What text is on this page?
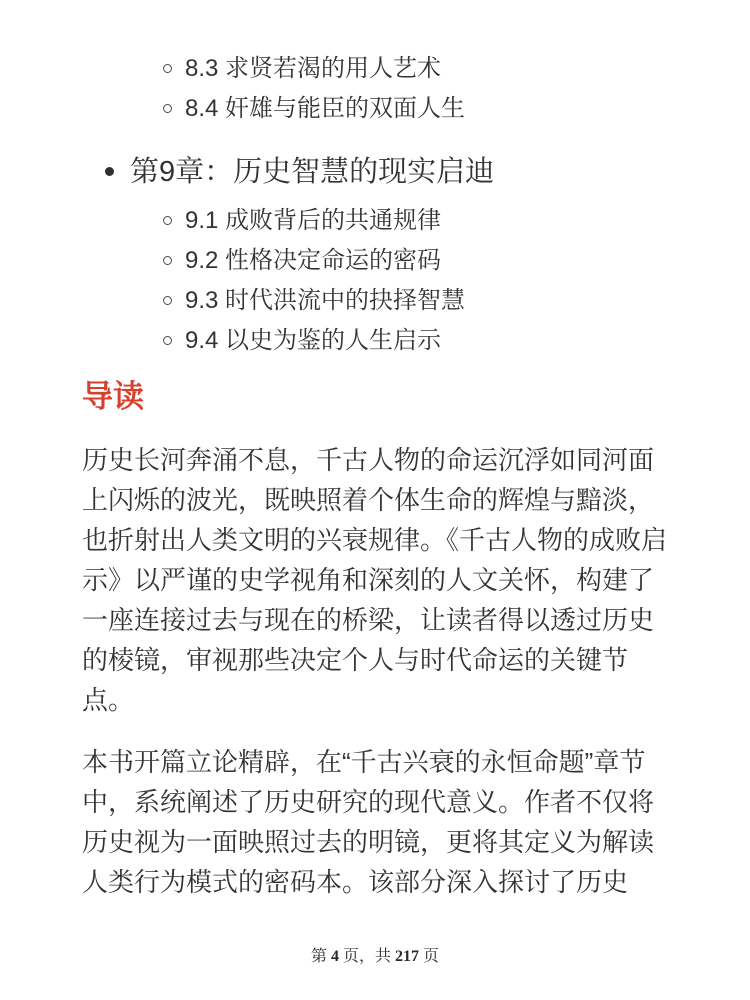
8.3 求贤若渴的用人艺术
8.4 奸雄与能臣的双面人生
第9章：历史智慧的现实启迪
9.1 成败背后的共通规律
9.2 性格决定命运的密码
9.3 时代洪流中的抉择智慧
9.4 以史为鉴的人生启示
导读

历史长河奔涌不息，千古人物的命运沉浮如同河面上闪烁的波光，既映照着个体生命的辉煌与黯淡，也折射出人类文明的兴衰规律。《千古人物的成败启示》以严谨的史学视角和深刻的人文关怀，构建了一座连接过去与现在的桥梁，让读者得以透过历史的棱镜，审视那些决定个人与时代命运的关键节点。

本书开篇立论精辟，在“千古兴衰的永恒命题”章节中，系统阐述了历史研究的现代意义。作者不仅将历史视为一面映照过去的明镜，更将其定义为解读人类行为模式的密码本。该部分深入探讨了历史

第 4 页，共 217 页
